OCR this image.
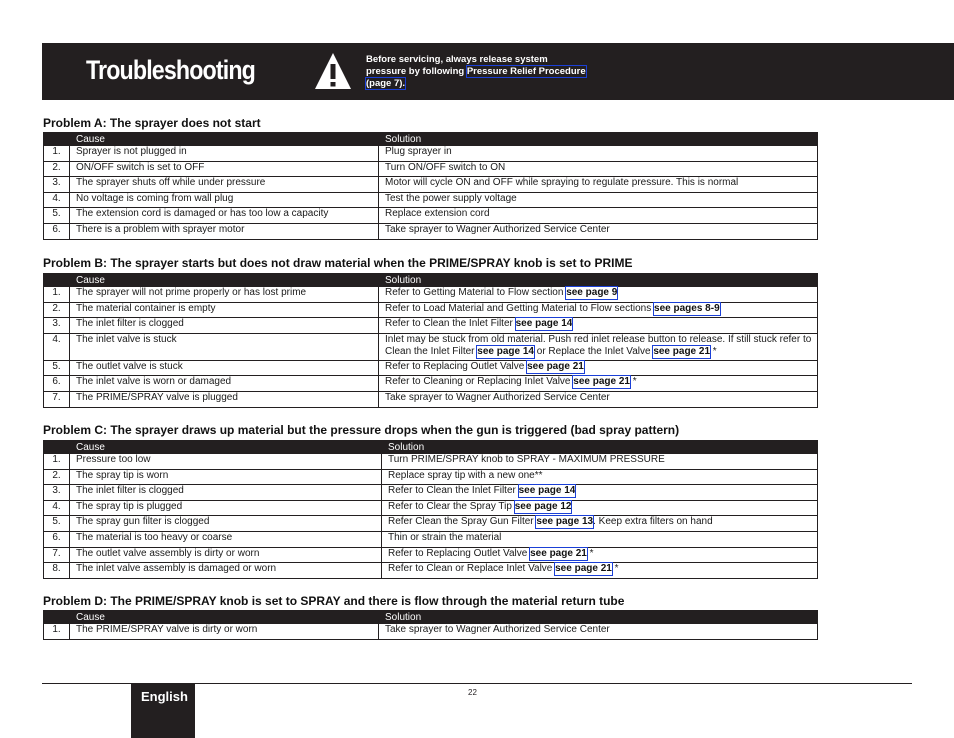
Troubleshooting	Before servicing, always release system pressure by following Pressure Relief Procedure (page 7).
Problem A: The sprayer does not start
	Cause	Solution
1.	Sprayer is not plugged in	Plug sprayer in
2.	ON/OFF switch is set to OFF	Turn ON/OFF switch to ON
3.	The sprayer shuts off while under pressure	Motor will cycle ON and OFF while spraying to regulate pressure. This is normal
4.	No voltage is coming from wall plug	Test the power supply voltage
5.	The extension cord is damaged or has too low a capacity	Replace extension cord
6.	There is a problem with sprayer motor	Take sprayer to Wagner Authorized Service Center
Problem B: The sprayer starts but does not draw material when the PRIME/SPRAY knob is set to PRIME
	Cause	Solution
1.	The sprayer will not prime properly or has lost prime	Refer to Getting Material to Flow section see page 9
2.	The material container is empty	Refer to Load Material and Getting Material to Flow sections see pages 8-9
3.	The inlet filter is clogged	Refer to Clean the Inlet Filter see page 14
4.	The inlet valve is stuck	Inlet may be stuck from old material. Push red inlet release button to release. If still stuck refer to Clean the Inlet Filter see page 14 or Replace the Inlet Valve see page 21 *
5.	The outlet valve is stuck	Refer to Replacing Outlet Valve see page 21
6.	The inlet valve is worn or damaged	Refer to Cleaning or Replacing Inlet Valve see page 21 *
7.	The PRIME/SPRAY valve is plugged	Take sprayer to Wagner Authorized Service Center
Problem C: The sprayer draws up material but the pressure drops when the gun is triggered (bad spray pattern)
	Cause	Solution
1.	Pressure too low	Turn PRIME/SPRAY knob to SPRAY - MAXIMUM PRESSURE
2.	The spray tip is worn	Replace spray tip with a new one**
3.	The inlet filter is clogged	Refer to Clean the Inlet Filter see page 14
4.	The spray tip is plugged	Refer to Clear the Spray Tip see page 12
5.	The spray gun filter is clogged	Refer Clean the Spray Gun Filter see page 13. Keep extra filters on hand
6.	The material is too heavy or coarse	Thin or strain the material
7.	The outlet valve assembly is dirty or worn	Refer to Replacing Outlet Valve see page 21 *
8.	The inlet valve assembly is damaged or worn	Refer to Clean or Replace Inlet Valve see page 21 *
Problem D: The PRIME/SPRAY knob is set to SPRAY and there is flow through the material return tube
	Cause	Solution
1.	The PRIME/SPRAY valve is dirty or worn	Take sprayer to Wagner Authorized Service Center
English	22
